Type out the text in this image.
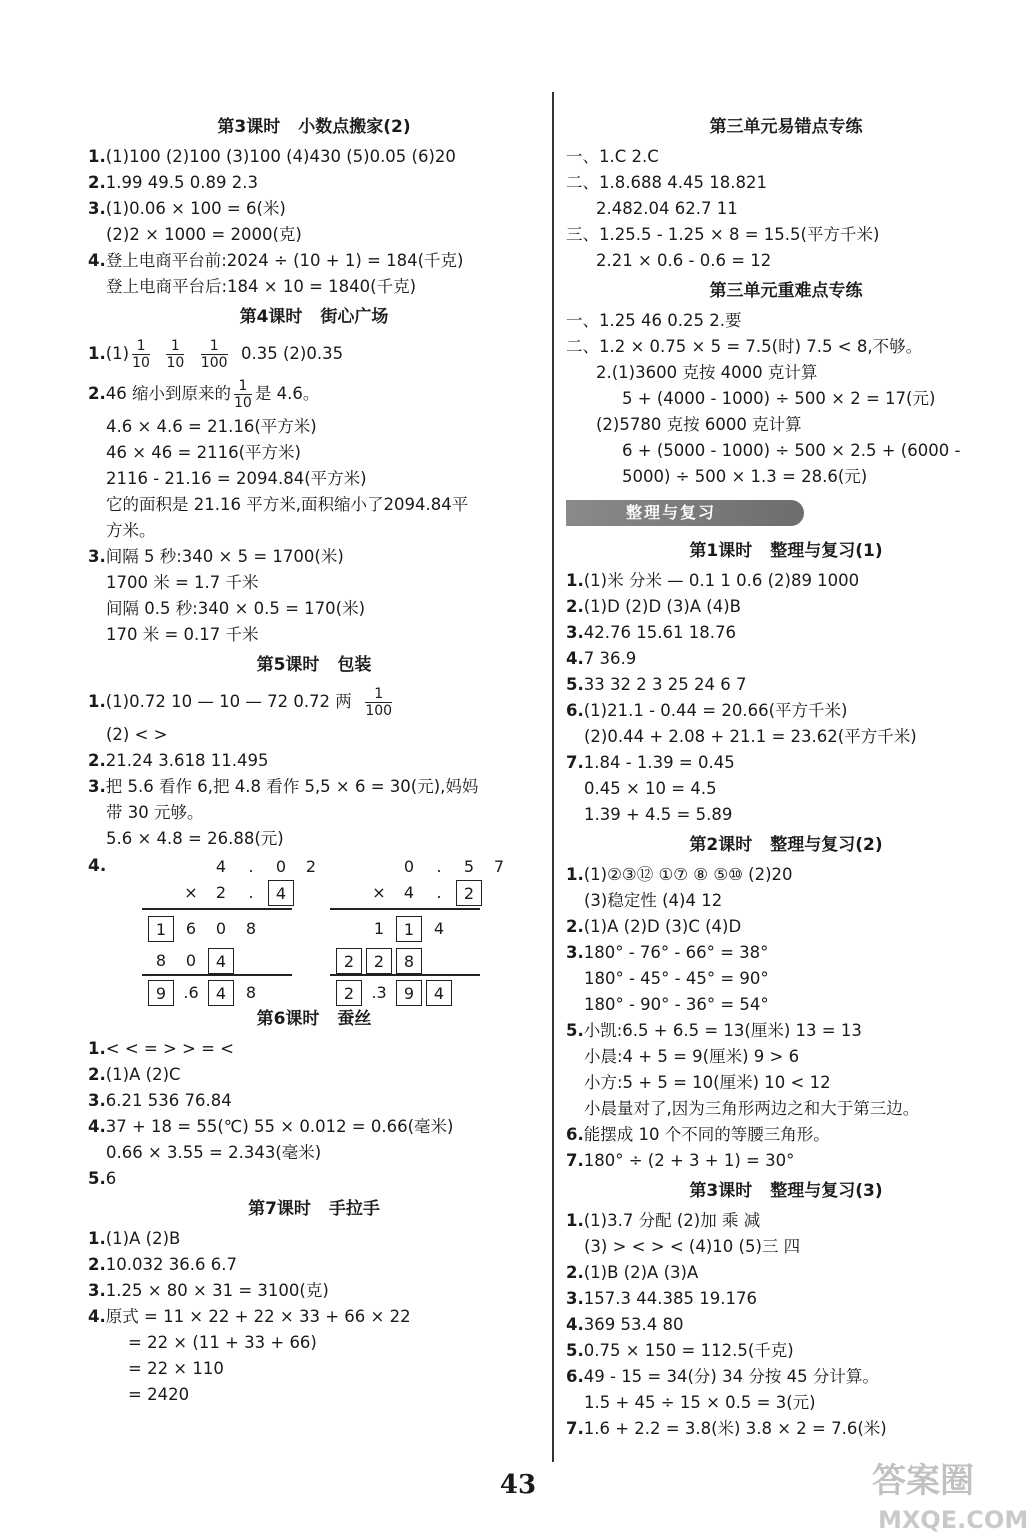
第3课时 小数点搬家(2)
1.(1)100 (2)100 (3)100 (4)430 (5)0.05 (6)20
2.1.99 49.5 0.89 2.3
3.(1)0.06 × 100 = 6(米)
(2)2 × 1000 = 2000(克)
4.登上电商平台前:2024 ÷ (10 + 1) = 184(千克)
登上电商平台后:184 × 10 = 1840(千克)
第4课时 街心广场
$1.(1) \frac{1}{10}$
$\frac{1}{10}$
$\frac{1}{100} 0.35$ (2)0.35
2.46 缩小到原来的 $\frac{1}{10}$ 是 4.6。
4.6 × 4.6 = 21.16(平方米)
46 × 46 = 2116(平方米)
2116 - 21.16 = 2094.84(平方米)
它的面积是 21.16 平方米,面积缩小了2094.84平
方米。
3.间隔 5 秒:340 × 5 = 1700(米)
1700 米 = 1.7 千米
间隔 0.5 秒:340 × 0.5 = 170(米)
170 米 = 0.17 千米
第5课时 包装
1.(1)0.72 10 — 10 — 72 0.72 两 $\frac{1}{100}$
(2) < >
2.21.24 3.618 11.495
3.把 5.6 看作 6,把 4.8 看作 5,5 × 6 = 30(元),妈妈
带 30 元够。
5.6 × 4.8 = 26.88(元)
4.	4	.	0	2
×	2	.	4
1	6	0	8
8	0	4
9	.6	4	8
0	.	5	7
×	4	.	2
1	1	4
2	2	8
2	.3	9	4
第6课时 蚕丝
1.< < = > > = <
2.(1)A (2)C
3.6.21 536 76.84
4.37 + 18 = 55(℃) 55 × 0.012 = 0.66(毫米)
0.66 × 3.55 = 2.343(毫米)
5.6
第7课时 手拉手
1.(1)A (2)B
2.10.032 36.6 6.7
3.1.25 × 80 × 31 = 3100(克)
4.原式 = 11 × 22 + 22 × 33 + 66 × 22
= 22 × (11 + 33 + 66)
= 22 × 110
= 2420
第三单元易错点专练
一、1.C 2.C
二、1.8.688 4.45 18.821
2.482.04 62.7 11
三、1.25.5 - 1.25 × 8 = 15.5(平方千米)
2.21 × 0.6 - 0.6 = 12
第三单元重难点专练
一、1.25 46 0.25 2.要
二、1.2 × 0.75 × 5 = 7.5(时) 7.5 < 8,不够。
2.(1)3600 克按 4000 克计算
5 + (4000 - 1000) ÷ 500 × 2 = 17(元)
(2)5780 克按 6000 克计算
6 + (5000 - 1000) ÷ 500 × 2.5 + (6000 -
5000) ÷ 500 × 1.3 = 28.6(元)
整理与复习
第1课时 整理与复习(1)
1.(1)米 分米 — 0.1 1 0.6 (2)89 1000
2.(1)D (2)D (3)A (4)B
3.42.76 15.61 18.76
4.7 36.9
5.33 32 2 3 25 24 6 7
6.(1)21.1 - 0.44 = 20.66(平方千米)
(2)0.44 + 2.08 + 21.1 = 23.62(平方千米)
7.1.84 - 1.39 = 0.45
0.45 × 10 = 4.5
1.39 + 4.5 = 5.89
第2课时 整理与复习(2)
1.(1)②③⑫ ①⑦ ⑧ ⑤⑩ (2)20
(3)稳定性 (4)4 12
2.(1)A (2)D (3)C (4)D
3.180° - 76° - 66° = 38°
180° - 45° - 45° = 90°
180° - 90° - 36° = 54°
5.小凯:6.5 + 6.5 = 13(厘米) 13 = 13
小晨:4 + 5 = 9(厘米) 9 > 6
小方:5 + 5 = 10(厘米) 10 < 12
小晨量对了,因为三角形两边之和大于第三边。
6.能摆成 10 个不同的等腰三角形。
7.180° ÷ (2 + 3 + 1) = 30°
第3课时 整理与复习(3)
1.(1)3.7 分配 (2)加 乘 减
(3) > < > < (4)10 (5)三 四
2.(1)B (2)A (3)A
3.157.3 44.385 19.176
4.369 53.4 80
5.0.75 × 150 = 112.5(千克)
6.49 - 15 = 34(分) 34 分按 45 分计算。
1.5 + 45 ÷ 15 × 0.5 = 3(元)
7.1.6 + 2.2 = 3.8(米) 3.8 × 2 = 7.6(米)
43	答案圈
MXQE.COM
